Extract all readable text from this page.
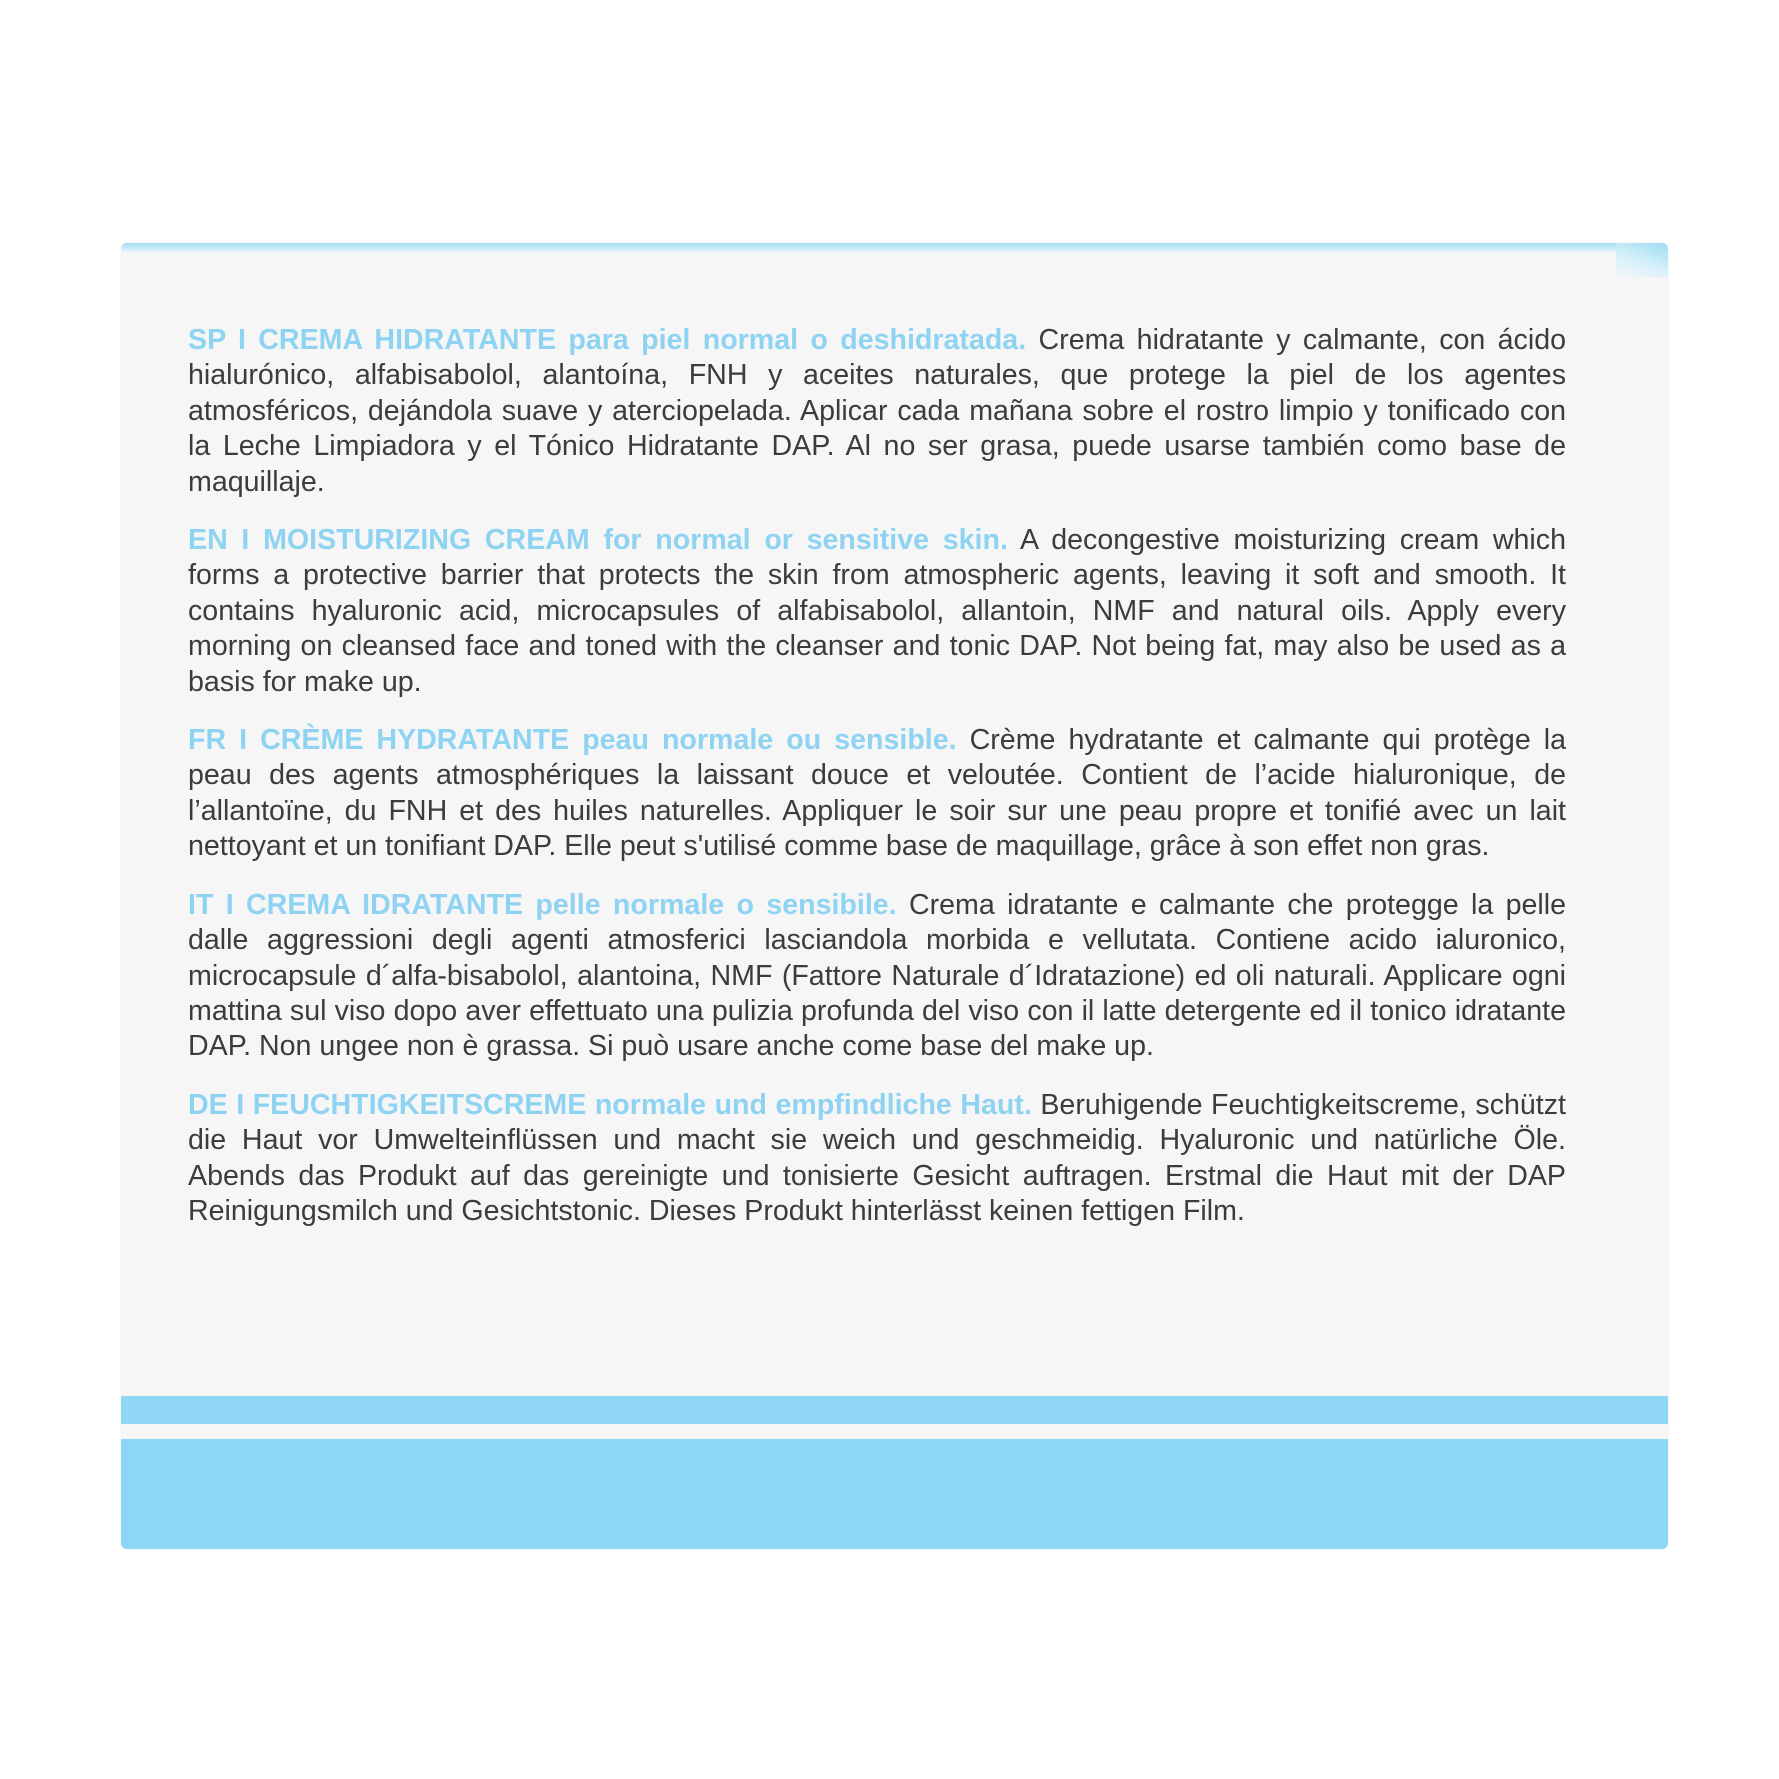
SP I CREMA HIDRATANTE para piel normal o deshidratada. Crema hidratante y calmante, con ácido hialurónico, alfabisabolol, alantoína, FNH y aceites naturales, que protege la piel de los agentes atmosféricos, dejándola suave y aterciopelada. Aplicar cada mañana sobre el rostro limpio y tonificado con la Leche Limpiadora y el Tónico Hidratante DAP. Al no ser grasa, puede usarse también como base de maquillaje.

EN I MOISTURIZING CREAM for normal or sensitive skin. A decongestive moisturizing cream which forms a protective barrier that protects the skin from atmospheric agents, leaving it soft and smooth. It contains hyaluronic acid, microcapsules of alfabisabolol, allantoin, NMF and natural oils. Apply every morning on cleansed face and toned with the cleanser and tonic DAP. Not being fat, may also be used as a basis for make up.

FR I CRÈME HYDRATANTE peau normale ou sensible. Crème hydratante et calmante qui protège la peau des agents atmosphériques la laissant douce et veloutée. Contient de l’acide hialuronique, de l’allantoïne, du FNH et des huiles naturelles. Appliquer le soir sur une peau propre et tonifié avec un lait nettoyant et un tonifiant DAP. Elle peut s'utilisé comme base de maquillage, grâce à son effet non gras.

IT I CREMA IDRATANTE pelle normale o sensibile. Crema idratante e calmante che protegge la pelle dalle aggressioni degli agenti atmosferici lasciandola morbida e vellutata. Contiene acido ialuronico, microcapsule d´alfa-bisabolol, alantoina, NMF (Fattore Naturale d´Idratazione) ed oli naturali. Applicare ogni mattina sul viso dopo aver effettuato una pulizia profunda del viso con il latte detergente ed il tonico idratante DAP. Non ungee non è grassa. Si può usare anche come base del make up.

DE I FEUCHTIGKEITSCREME normale und empfindliche Haut. Beruhigende Feuchtigkeitscreme, schützt die Haut vor Umwelteinflüssen und macht sie weich und geschmeidig. Hyaluronic und natürliche Öle. Abends das Produkt auf das gereinigte und tonisierte Gesicht auftragen. Erstmal die Haut mit der DAP Reinigungsmilch und Gesichtstonic. Dieses Produkt hinterlässt keinen fettigen Film.
